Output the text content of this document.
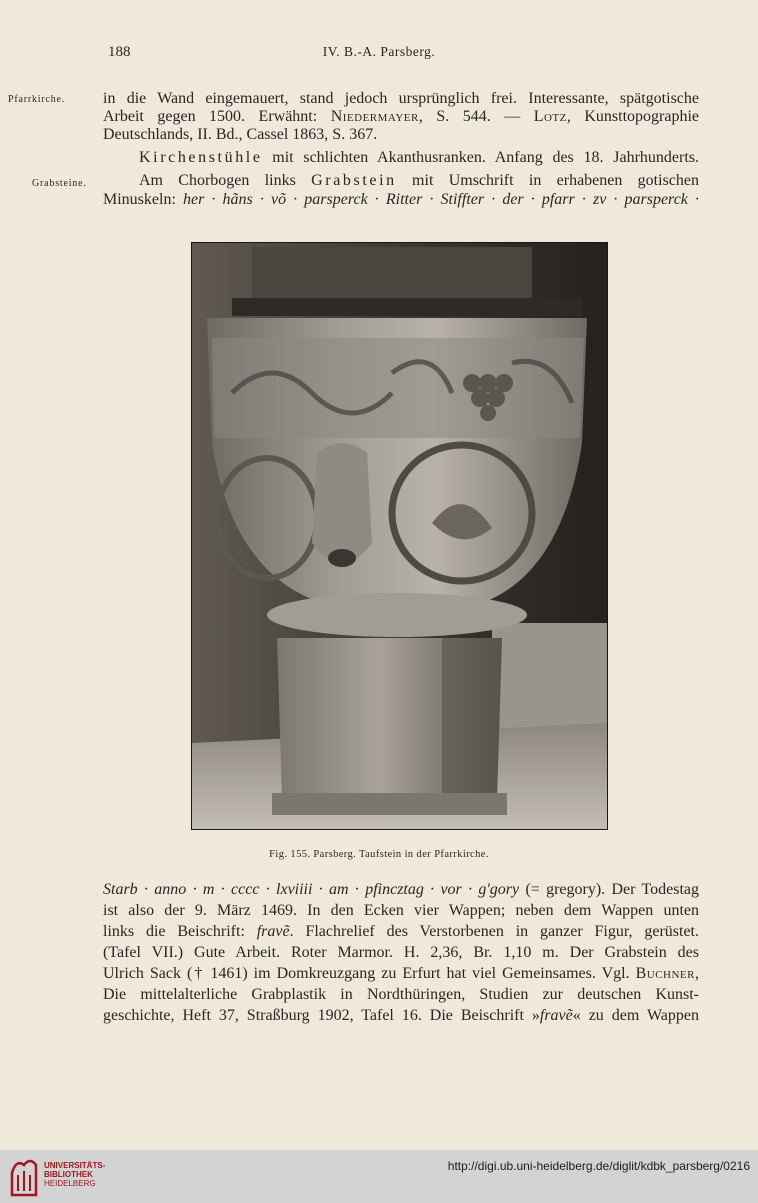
188	IV. B.-A. Parsberg.
Pfarrkirche.
Grabsteine.
in die Wand eingemauert, stand jedoch ursprünglich frei. Interessante, spätgotische
Arbeit gegen 1500. Erwähnt: Niedermayer, S. 544. — Lotz, Kunsttopographie
Deutschlands, II. Bd., Cassel 1863, S. 367.
Kirchenstühle mit schlichten Akanthusranken. Anfang des 18. Jahrhunderts.
Am Chorbogen links Grabstein mit Umschrift in erhabenen gotischen
Minuskeln: her · hãns · võ · parsperck · Ritter · Stiffter · der · pfarr · zv · parsperck ·
Fig. 155. Parsberg. Taufstein in der Pfarrkirche.
Starb · anno · m · cccc · lxviiii · am · pfincztag · vor · g'gory (= gregory). Der Todestag
ist also der 9. März 1469. In den Ecken vier Wappen; neben dem Wappen unten
links die Beischrift: fravẽ. Flachrelief des Verstorbenen in ganzer Figur, gerüstet.
(Tafel VII.) Gute Arbeit. Roter Marmor. H. 2,36, Br. 1,10 m. Der Grabstein des
Ulrich Sack († 1461) im Domkreuzgang zu Erfurt hat viel Gemeinsames. Vgl. Buchner,
Die mittelalterliche Grabplastik in Nordthüringen, Studien zur deutschen Kunst-
geschichte, Heft 37, Straßburg 1902, Tafel 16. Die Beischrift »fravẽ« zu dem Wappen
UNIVERSITÄTS-
BIBLIOTHEK
HEIDELBERG
http://digi.ub.uni-heidelberg.de/diglit/kdbk_parsberg/0216
